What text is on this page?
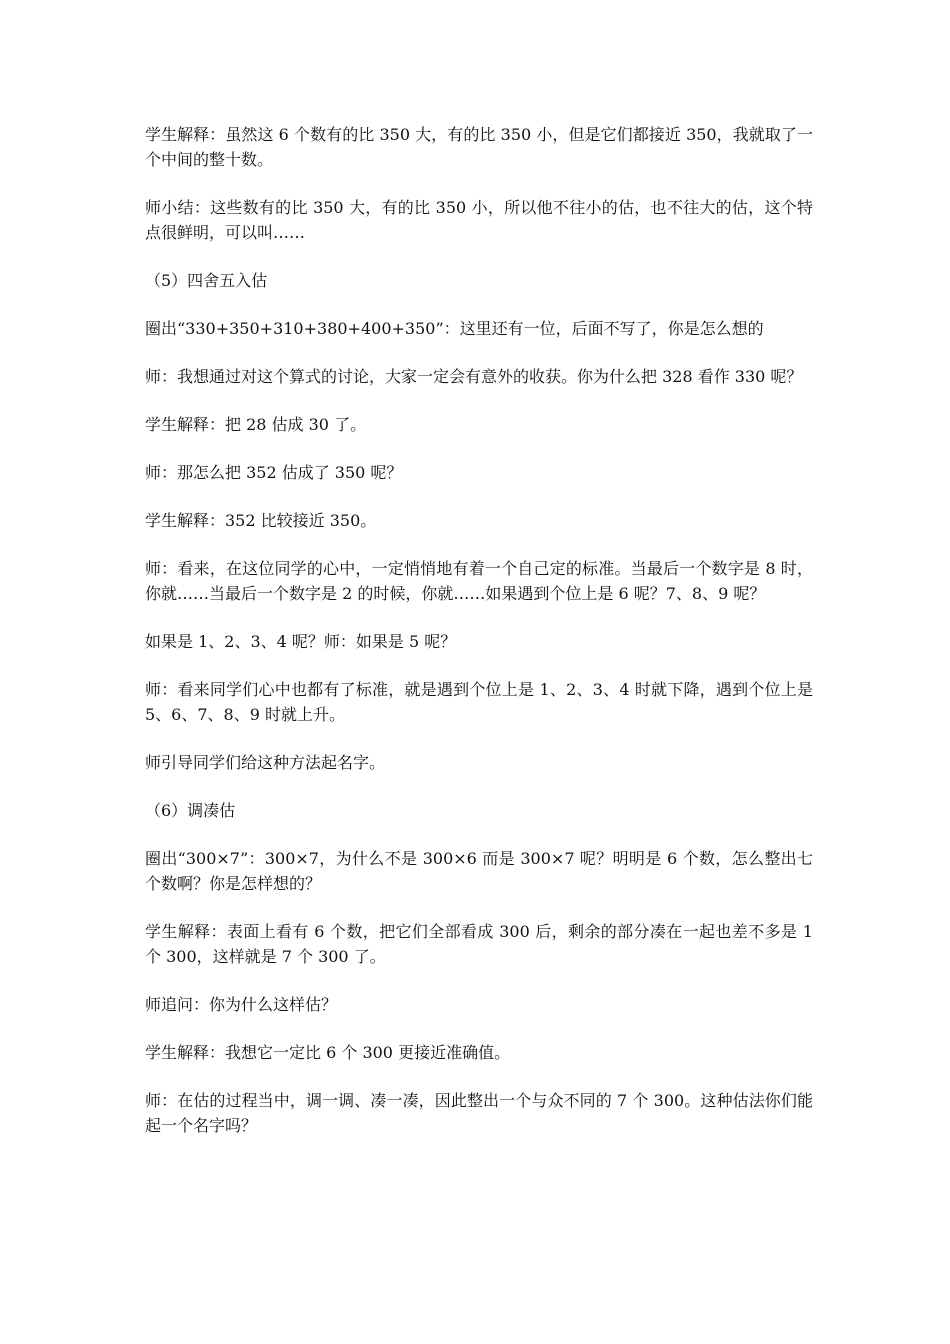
学生解释：虽然这 6 个数有的比 350 大，有的比 350 小，但是它们都接近 350，我就取了一个中间的整十数。

师小结：这些数有的比 350 大，有的比 350 小，所以他不往小的估，也不往大的估，这个特点很鲜明，可以叫……

（5）四舍五入估

圈出“330+350+310+380+400+350”：这里还有一位，后面不写了，你是怎么想的

师：我想通过对这个算式的讨论，大家一定会有意外的收获。你为什么把 328 看作 330 呢？

学生解释：把 28 估成 30 了。

师：那怎么把 352 估成了 350 呢？

学生解释：352 比较接近 350。

师：看来，在这位同学的心中，一定悄悄地有着一个自己定的标准。当最后一个数字是 8 时，你就……当最后一个数字是 2 的时候，你就……如果遇到个位上是 6 呢？7、8、9 呢？

如果是 1、2、3、4 呢？师：如果是 5 呢？

师：看来同学们心中也都有了标准，就是遇到个位上是 1、2、3、4 时就下降，遇到个位上是 5、6、7、8、9 时就上升。

师引导同学们给这种方法起名字。

（6）调凑估

圈出“300×7”：300×7，为什么不是 300×6 而是 300×7 呢？明明是 6 个数，怎么整出七个数啊？你是怎样想的？

学生解释：表面上看有 6 个数，把它们全部看成 300 后，剩余的部分凑在一起也差不多是 1 个 300，这样就是 7 个 300 了。

师追问：你为什么这样估？

学生解释：我想它一定比 6 个 300 更接近准确值。

师：在估的过程当中，调一调、凑一凑，因此整出一个与众不同的 7 个 300。这种估法你们能起一个名字吗？
